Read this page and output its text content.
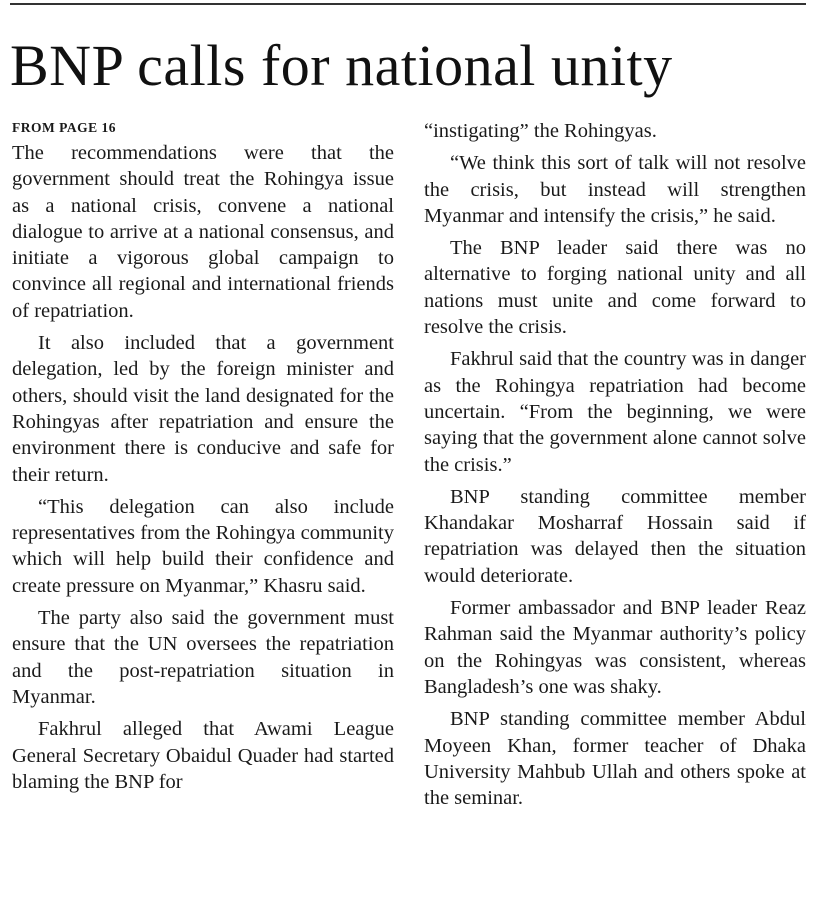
BNP calls for national unity
FROM PAGE 16

The recommendations were that the government should treat the Rohingya issue as a national crisis, convene a national dialogue to arrive at a national consensus, and initiate a vigorous global campaign to convince all regional and international friends of repatriation.

It also included that a government delegation, led by the foreign minister and others, should visit the land designated for the Rohingyas after repatriation and ensure the environment there is conducive and safe for their return.

“This delegation can also include representatives from the Rohingya community which will help build their confidence and create pressure on Myanmar,” Khasru said.

The party also said the government must ensure that the UN oversees the repatriation and the post-repatriation situation in Myanmar.

Fakhrul alleged that Awami League General Secretary Obaidul Quader had started blaming the BNP for

“instigating” the Rohingyas.

“We think this sort of talk will not resolve the crisis, but instead will strengthen Myanmar and intensify the crisis,” he said.

The BNP leader said there was no alternative to forging national unity and all nations must unite and come forward to resolve the crisis.

Fakhrul said that the country was in danger as the Rohingya repatriation had become uncertain. “From the beginning, we were saying that the government alone cannot solve the crisis.”

BNP standing committee member Khandakar Mosharraf Hossain said if repatriation was delayed then the situation would deteriorate.

Former ambassador and BNP leader Reaz Rahman said the Myanmar authority’s policy on the Rohingyas was consistent, whereas Bangladesh’s one was shaky.

BNP standing committee member Abdul Moyeen Khan, former teacher of Dhaka University Mahbub Ullah and others spoke at the seminar.
